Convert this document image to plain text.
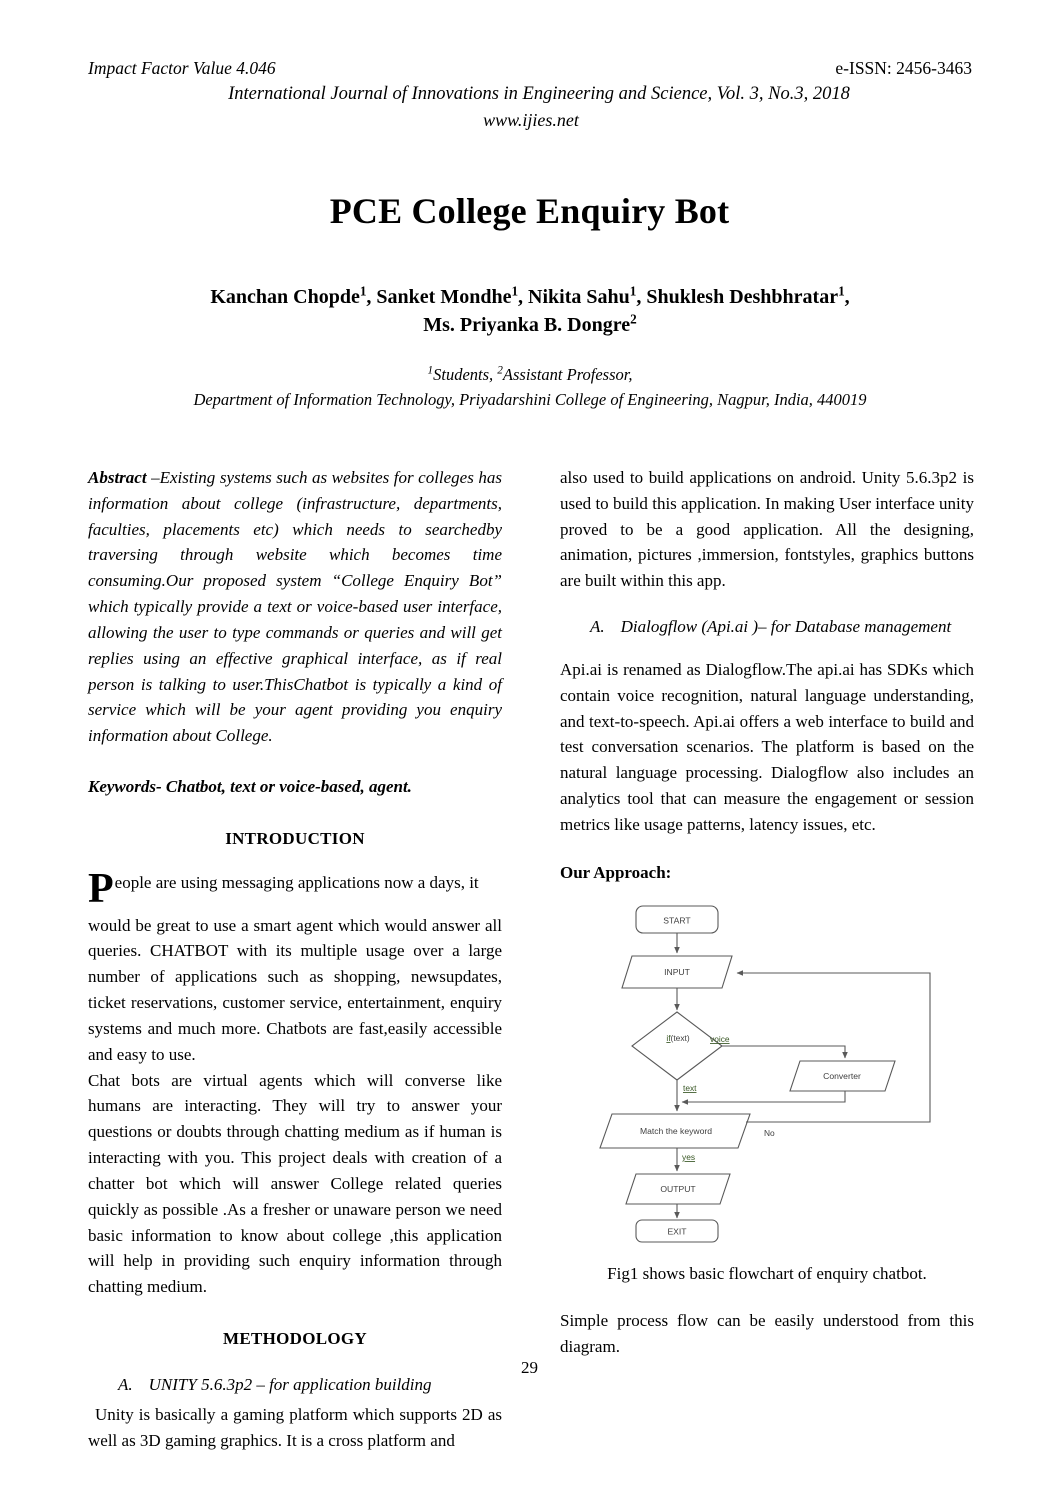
Impact Factor Value 4.046	e-ISSN: 2456-3463
International Journal of Innovations in Engineering and Science, Vol. 3, No.3, 2018
www.ijies.net
PCE College Enquiry Bot
Kanchan Chopde$^1$, Sanket Mondhe$^1$, Nikita Sahu$^1$, Shuklesh Deshbhratar$^1$,
Ms. Priyanka B. Dongre$^2$
$^1$Students, $^2$Assistant Professor,
Department of Information Technology, Priyadarshini College of Engineering, Nagpur, India, 440019

Abstract –Existing systems such as websites for colleges has information about college (infrastructure, departments, faculties, placements etc) which needs to searchedby traversing through website which becomes time consuming.Our proposed system “College Enquiry Bot” which typically provide a text or voice-based user interface, allowing the user to type commands or queries and will get replies using an effective graphical interface, as if real person is talking to user.ThisChatbot is typically a kind of service which will be your agent providing you enquiry information about College.

Keywords- Chatbot, text or voice-based, agent.

INTRODUCTION

People are using messaging applications now a days, it

would be great to use a smart agent which would answer all queries. CHATBOT with its multiple usage over a large number of applications such as shopping, newsupdates, ticket reservations, customer service, entertainment, enquiry systems and much more. Chatbots are fast,easily accessible and easy to use.

Chat bots are virtual agents which will converse like humans are interacting. They will try to answer your questions or doubts through chatting medium as if human is interacting with you. This project deals with creation of a chatter bot which will answer College related queries quickly as possible .As a fresher or unaware person we need basic information to know about college ,this application will help in providing such enquiry information through chatting medium.

METHODOLOGY

A. UNITY 5.6.3p2 – for application building

Unity is basically a gaming platform which supports 2D as well as 3D gaming graphics. It is a cross platform and

also used to build applications on android. Unity 5.6.3p2 is used to build this application. In making User interface unity proved to be a good application. All the designing, animation, pictures ,immersion, fontstyles, graphics buttons are built within this app.

A. Dialogflow (Api.ai )– for Database management

Api.ai is renamed as Dialogflow.The api.ai has SDKs which contain voice recognition, natural language understanding, and text-to-speech. Api.ai offers a web interface to build and test conversation scenarios. The platform is based on the natural language processing. Dialogflow also includes an analytics tool that can measure the engagement or session metrics like usage patterns, latency issues, etc.

Our Approach:

START
INPUT
if(text) voice
Converter
text
Match the keyword	No
yes
OUTPUT
EXIT

Fig1 shows basic flowchart of enquiry chatbot.

Simple process flow can be easily understood from this diagram.

29
